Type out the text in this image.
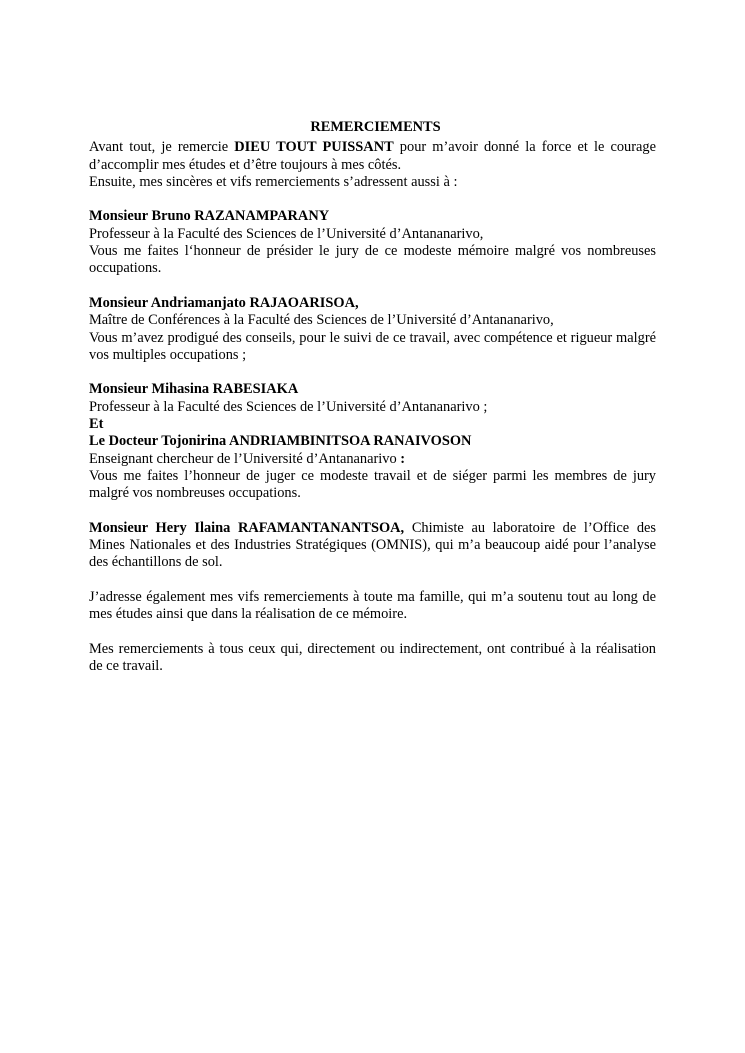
REMERCIEMENTS

Avant tout, je remercie DIEU TOUT PUISSANT pour m’avoir donné la force et le courage d’accomplir mes études et d’être toujours à mes côtés.

Ensuite, mes sincères et vifs remerciements s’adressent aussi à :

Monsieur Bruno RAZANAMPARANY

Professeur à la Faculté des Sciences de l’Université d’Antananarivo,

Vous me faites l‘honneur de présider le jury de ce modeste mémoire malgré vos nombreuses occupations.

Monsieur Andriamanjato RAJAOARISOA,

Maître de Conférences à la Faculté des Sciences de l’Université d’Antananarivo,

Vous m’avez prodigué des conseils, pour le suivi de ce travail, avec compétence et rigueur malgré vos multiples occupations ;

Monsieur Mihasina RABESIAKA

Professeur à la Faculté des Sciences de l’Université d’Antananarivo ;

Et

Le Docteur Tojonirina ANDRIAMBINITSOA RANAIVOSON

Enseignant chercheur de l’Université d’Antananarivo :

Vous me faites l’honneur de juger ce modeste travail et de siéger parmi les membres de jury malgré vos nombreuses occupations.

Monsieur Hery Ilaina RAFAMANTANANTSOA, Chimiste au laboratoire de l’Office des Mines Nationales et des Industries Stratégiques (OMNIS), qui m’a beaucoup aidé pour l’analyse des échantillons de sol.

J’adresse également mes vifs remerciements à toute ma famille, qui m’a soutenu tout au long de mes études ainsi que dans la réalisation de ce mémoire.

Mes remerciements à tous ceux qui, directement ou indirectement, ont contribué à la réalisation de ce travail.
